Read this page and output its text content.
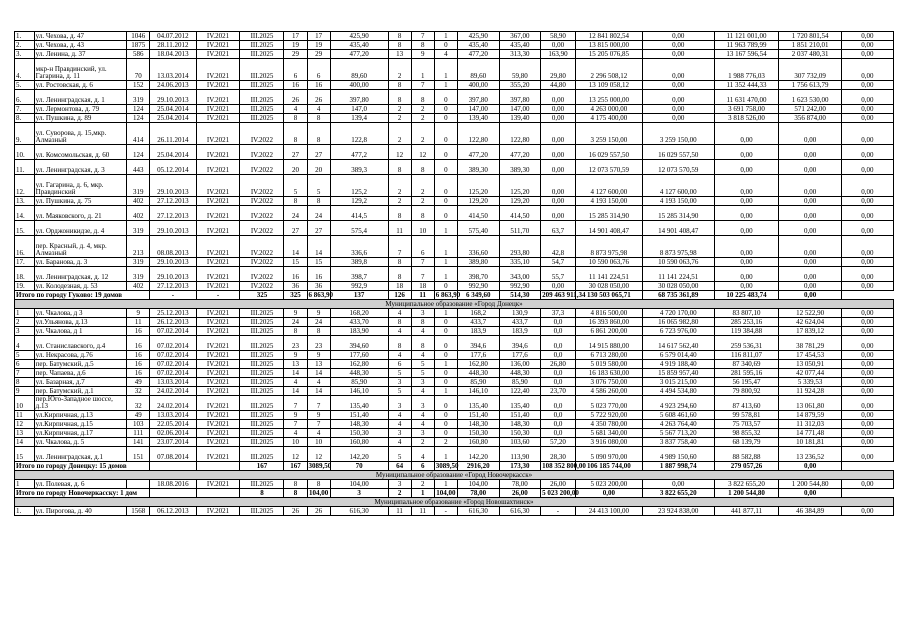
1.	ул. Чехова, д. 47	1046	04.07.2012	IV.2021	III.2025	17	17	425,90	8	7	1	425,90	367,00	58,90	12 841 802,54	0,00	11 121 001,00	1 720 801,54	0,00
2.	ул. Чехова, д. 43	1875	28.11.2012	IV.2021	III.2025	19	19	435,40	8	8	0	435,40	435,40	0,00	13 815 000,00	0,00	11 963 789,99	1 851 210,01	0,00
3.	ул. Ленина, д. 37	586	18.04.2013	IV.2021	III.2025	29	29	477,20	13	9	4	477,20	313,30	163,90	15 205 076,85	0,00	13 167 596,54	2 037 480,31	0,00
4.	мкр-н Правдинский, ул. Гагарина, д. 11	70	13.03.2014	IV.2021	III.2025	6	6	89,60	2	1	1	89,60	59,80	29,80	2 296 508,12	0,00	1 988 776,03	307 732,09	0,00
5.	ул. Ростовская, д. 6	152	24.06.2013	IV.2021	III.2025	16	16	400,00	8	7	1	400,00	355,20	44,80	13 109 058,12	0,00	11 352 444,33	1 756 613,79	0,00
6.	ул. Ленинградская, д. 1	319	29.10.2013	IV.2021	III.2025	26	26	397,80	8	8	0	397,80	397,80	0,00	13 255 000,00	0,00	11 631 470,00	1 623 530,00	0,00
7.	ул. Лермонтова, д. 79	124	25.04.2014	IV.2021	III.2025	4	4	147,0	2	2	0	147,00	147,00	0,00	4 263 000,00	0,00	3 691 758,00	571 242,00	0,00
8.	ул. Пушкина, д. 89	124	25.04.2014	IV.2021	III.2025	8	8	139,4	2	2	0	139,40	139,40	0,00	4 175 400,00	0,00	3 818 526,00	356 874,00	0,00
9.	ул. Суворова, д. 15,мкр. Алмазный	414	26.11.2014	IV.2021	IV.2022	8	8	122,8	2	2	0	122,80	122,80	0,00	3 259 150,00	3 259 150,00	0,00	0,00	0,00
10.	ул. Комсомольская, д. 60	124	25.04.2014	IV.2021	IV.2022	27	27	477,2	12	12	0	477,20	477,20	0,00	16 029 557,50	16 029 557,50	0,00	0,00	0,00
11.	ул. Ленинградская, д. 3	443	05.12.2014	IV.2021	IV.2022	20	20	389,3	8	8	0	389,30	389,30	0,00	12 073 570,59	12 073 570,59	0,00	0,00	0,00
12.	ул. Гагарина, д. 6, мкр. Правдинский	319	29.10.2013	IV.2021	IV.2022	5	5	125,2	2	2	0	125,20	125,20	0,00	4 127 600,00	4 127 600,00	0,00	0,00	0,00
13.	ул. Пушкина, д. 75	402	27.12.2013	IV.2021	IV.2022	8	8	129,2	2	2	0	129,20	129,20	0,00	4 193 150,00	4 193 150,00	0,00	0,00	0,00
14.	ул. Маяковского, д. 21	402	27.12.2013	IV.2021	IV.2022	24	24	414,5	8	8	0	414,50	414,50	0,00	15 285 314,90	15 285 314,90	0,00	0,00	0,00
15.	ул. Орджоникидзе, д. 4	319	29.10.2013	IV.2021	IV.2022	27	27	575,4	11	10	1	575,40	511,70	63,7	14 901 408,47	14 901 408,47	0,00	0,00	0,00
16.	пер. Красный, д. 4, мкр. Алмазный	213	08.08.2013	IV.2021	IV.2022	14	14	336,6	7	6	1	336,60	293,80	42,8	8 873 975,98	8 873 975,98	0,00	0,00	0,00
17.	ул. Баранова, д. 3	319	29.10.2013	IV.2021	IV.2022	15	15	389,8	8	7	1	389,80	335,10	54,7	10 590 063,76	10 590 063,76	0,00	0,00	0,00
18.	ул. Ленинградская, д. 12	319	29.10.2013	IV.2021	IV.2022	16	16	398,7	8	7	1	398,70	343,00	55,7	11 141 224,51	11 141 224,51	0,00	0,00	0,00
19.	ул. Колодезная, д. 53	402	27.12.2013	IV.2021	IV.2022	36	36	992,9	18	18	0	992,90	992,90	0,00	30 028 050,00	30 028 050,00	0,00	0,00	0,00
Итого по городу Гуково: 19 домов			-	-	325	325	6 863,90	137	126	11	6 863,90	6 349,60	514,30	209 463 911,34	130 503 065,71	68 735 361,89	10 225 483,74	0,00	
Муниципальное образование «Город Донецк»																			
1	ул. Чкалова, д 3	9	25.12.2013	IV.2021	III.2025	9	9	168,20	4	3	1	168,2	130,9	37,3	4 816 500,00	4 720 170,00	83 807,10	12 522,90	0,00
2	ул.Ульянова, д.13	11	26.12.2013	IV.2021	III.2025	24	24	433,70	8	8	0	433,7	433,7	0,0	16 393 860,00	16 065 982,80	285 253,16	42 624,04	0,00
3	ул. Чкалова, д 1	16	07.02.2014	IV.2021	III.2025	8	8	183,90	4	4	0	183,9	183,9	0,0	6 861 200,00	6 723 976,00	119 384,88	17 839,12	0,00
4	ул. Станиславского, д.4	16	07.02.2014	IV.2021	III.2025	23	23	394,60	8	8	0	394,6	394,6	0,0	14 915 880,00	14 617 562,40	259 536,31	38 781,29	0,00
5	ул. Некрасова, д.76	16	07.02.2014	IV.2021	III.2025	9	9	177,60	4	4	0	177,6	177,6	0,0	6 713 280,00	6 579 014,40	116 811,07	17 454,53	0,00
6	пер. Батумский, д.5	16	07.02.2014	IV.2021	III.2025	13	13	162,80	6	5	1	162,80	136,00	26,80	5 019 580,00	4 919 188,40	87 340,69	13 050,91	0,00
7	пер. Чапаева, д.6	16	07.02.2014	IV.2021	III.2025	14	14	448,30	5	5	0	448,30	448,30	0,0	16 183 630,00	15 859 957,40	281 595,16	42 077,44	0,00
8	ул. Базарная, д.7	49	13.03.2014	IV.2021	III.2025	4	4	85,90	3	3	0	85,90	85,90	0,0	3 076 750,00	3 015 215,00	56 195,47	5 339,53	0,00
9	пер. Батумский, д.1	32	24.02.2014	IV.2021	III.2025	14	14	146,10	5	4	1	146,10	122,40	23,70	4 586 260,00	4 494 534,80	79 800,92	11 924,28	0,00
10	пер.Юго-Западное шоссе, д.13	32	24.02.2014	IV.2021	III.2025	7	7	135,40	3	3	0	135,40	135,40	0,0	5 023 770,00	4 923 294,60	87 413,60	13 061,80	0,00
11	ул.Кирпичная, д.13	49	13.03.2014	IV.2021	III.2025	9	9	151,40	4	4	0	151,40	151,40	0,0	5 722 920,00	5 608 461,60	99 578,81	14 879,59	0,00
12	ул.Кирпичная, д.15	103	22.05.2014	IV.2021	III.2025	7	7	148,30	4	4	0	148,30	148,30	0,0	4 350 780,00	4 263 764,40	75 703,57	11 312,03	0,00
13	ул.Кирпичная, д.17	111	02.06.2014	IV.2021	III.2025	4	4	150,30	3	3	0	150,30	150,30	0,0	5 681 340,00	5 567 713,20	98 855,32	14 771,48	0,00
14	ул. Чкалова, д. 5	141	23.07.2014	IV.2021	III.2025	10	10	160,80	4	2	2	160,80	103,60	57,20	3 916 080,00	3 837 758,40	68 139,79	10 181,81	0,00
15	ул. Ленинградская, д.1	151	07.08.2014	IV.2021	III.2025	12	12	142,20	5	4	1	142,20	113,90	28,30	5 090 970,00	4 989 150,60	88 582,88	13 236,52	0,00
Итого по городу Донецку: 15 домов					167	167	3089,50	70	64	6	3089,50	2916,20	173,30	108 352 800,00	106 185 744,00	1 887 998,74	279 057,26	0,00	
Муниципальное образование «Город Новочеркасск»																			
1	ул. Полевая, д. 6		18.08.2016	IV.2021	III.2025	8	8	104,00	3	2	1	104,00	78,00	26,00	5 023 200,00	0,00	3 822 655,20	1 200 544,80	0,00
Итого по городу Новочеркасску: 1 дом					8	8	104,00	3	2	1	104,00	78,00	26,00	5 023 200,00	0,00	3 822 655,20	1 200 544,80	0,00	
Муниципальное образование «Город Новошахтинск»																			
1.	ул. Пирогова, д. 40	1568	06.12.2013	IV.2021	III.2025	26	26	616,30	11	11	-	616,30	616,30	-	24 413 100,00	23 924 838,00	441 877,11	46 384,89	0,00
